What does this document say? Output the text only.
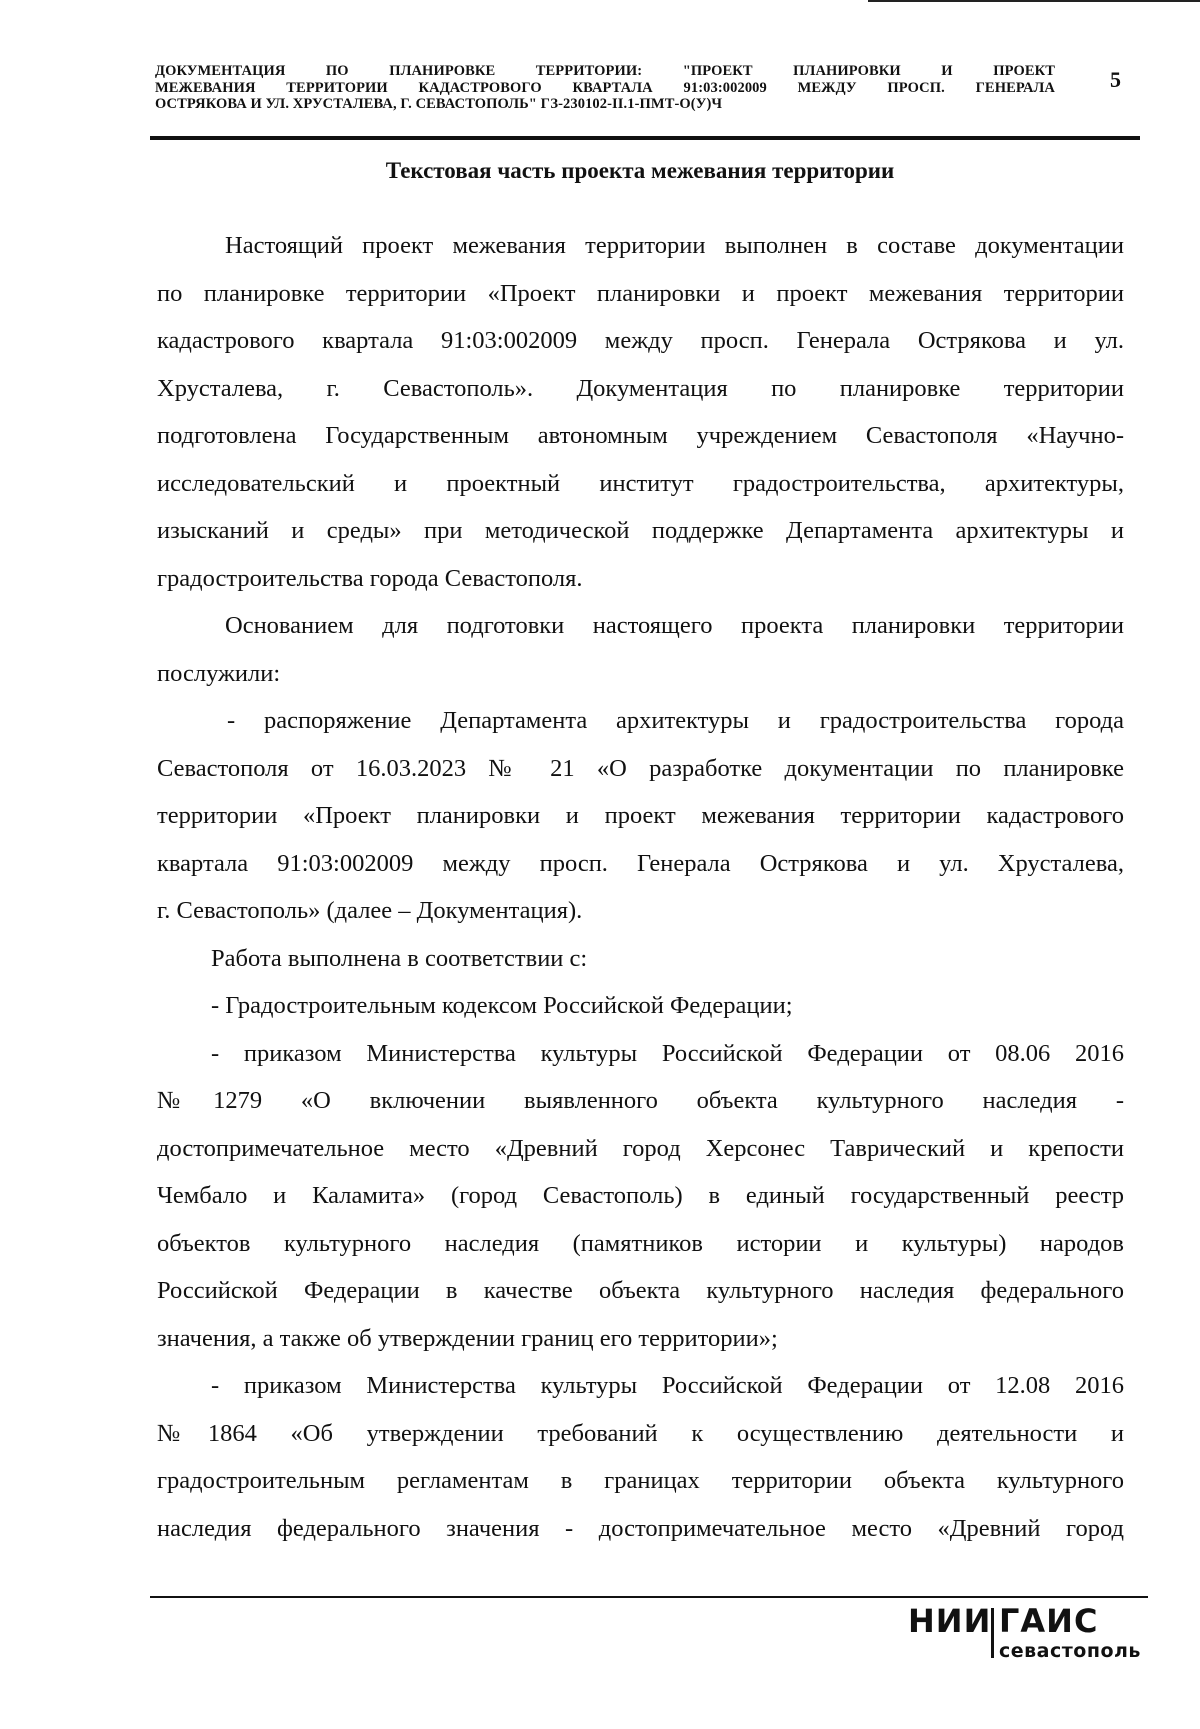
ДОКУМЕНТАЦИЯ ПО ПЛАНИРОВКЕ ТЕРРИТОРИИ: "ПРОЕКТ ПЛАНИРОВКИ И ПРОЕКТ
МЕЖЕВАНИЯ ТЕРРИТОРИИ КАДАСТРОВОГО КВАРТАЛА 91:03:002009 МЕЖДУ ПРОСП. ГЕНЕРАЛА
ОСТРЯКОВА И УЛ. ХРУСТАЛЕВА, Г. СЕВАСТОПОЛЬ" ГЗ-230102-II.1-ПМТ-О(У)Ч
5
Текстовая часть проекта межевания территории
Настоящий проект межевания территории выполнен в составе документации
по планировке территории «Проект планировки и проект межевания территории
кадастрового квартала 91:03:002009 между просп. Генерала Острякова и ул.
Хрусталева, г. Севастополь». Документация по планировке территории
подготовлена Государственным автономным учреждением Севастополя «Научно-
исследовательский и проектный институт градостроительства, архитектуры,
изысканий и среды» при методической поддержке Департамента архитектуры и
градостроительства города Севастополя.
Основанием для подготовки настоящего проекта планировки территории
послужили:
- распоряжение Департамента архитектуры и градостроительства города
Севастополя от 16.03.2023 № 21 «О разработке документации по планировке
территории «Проект планировки и проект межевания территории кадастрового
квартала 91:03:002009 между просп. Генерала Острякова и ул. Хрусталева,
г. Севастополь» (далее – Документация).
Работа выполнена в соответствии с:
- Градостроительным кодексом Российской Федерации;
- приказом Министерства культуры Российской Федерации от 08.06 2016
№1279 «О включении выявленного объекта культурного наследия -
достопримечательное место «Древний город Херсонес Таврический и крепости
Чембало и Каламита» (город Севастополь) в единый государственный реестр
объектов культурного наследия (памятников истории и культуры) народов
Российской Федерации в качестве объекта культурного наследия федерального
значения, а также об утверждении границ его территории»;
- приказом Министерства культуры Российской Федерации от 12.08 2016
№1864 «Об утверждении требований к осуществлению деятельности и
градостроительным регламентам в границах территории объекта культурного
наследия федерального значения - достопримечательное место «Древний город
НИИ ГАИС
севастополь
